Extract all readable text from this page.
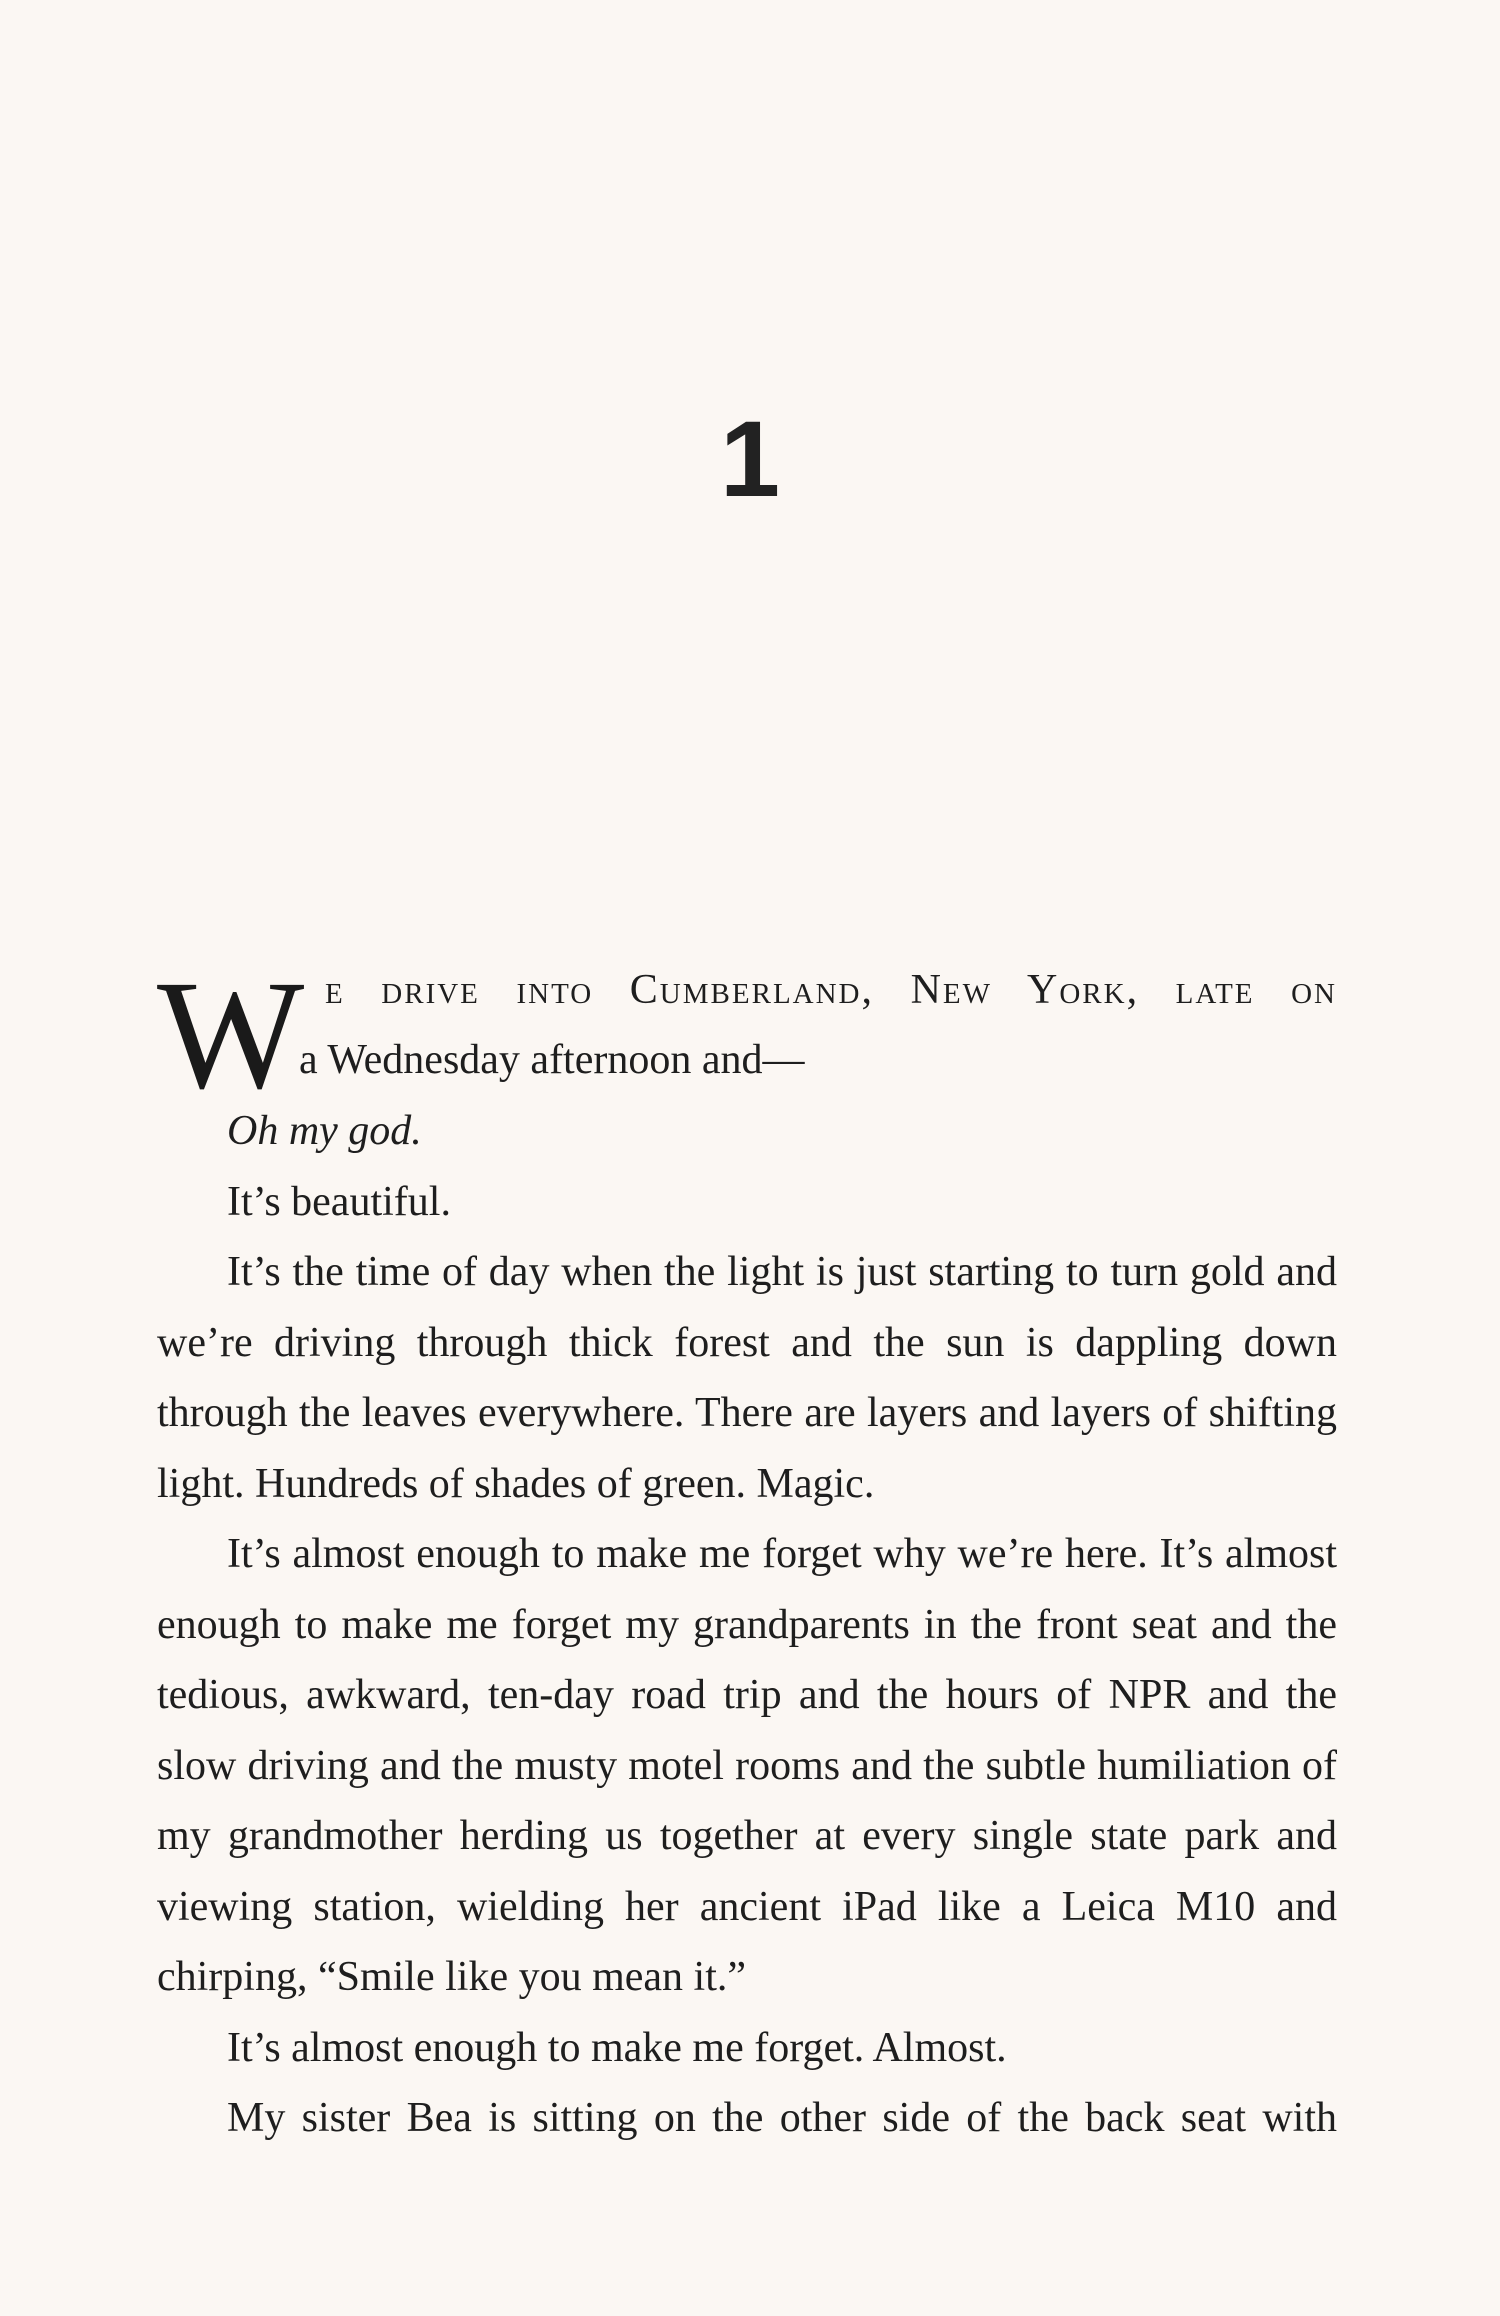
1
W e drive into Cumberland, New York, late on
a Wednesday afternoon and—

Oh my god.

It’s beautiful.

It’s the time of day when the light is just starting to turn gold and we’re driving through thick forest and the sun is dappling down through the leaves everywhere. There are layers and layers of shifting light. Hundreds of shades of green. Magic.

It’s almost enough to make me forget why we’re here. It’s almost enough to make me forget my grandparents in the front seat and the tedious, awkward, ten-day road trip and the hours of NPR and the slow driving and the musty motel rooms and the subtle humiliation of my grandmother herding us together at every single state park and viewing station, wielding her ancient iPad like a Leica M10 and chirping, “Smile like you mean it.”

It’s almost enough to make me forget. Almost.

My sister Bea is sitting on the other side of the back seat with
